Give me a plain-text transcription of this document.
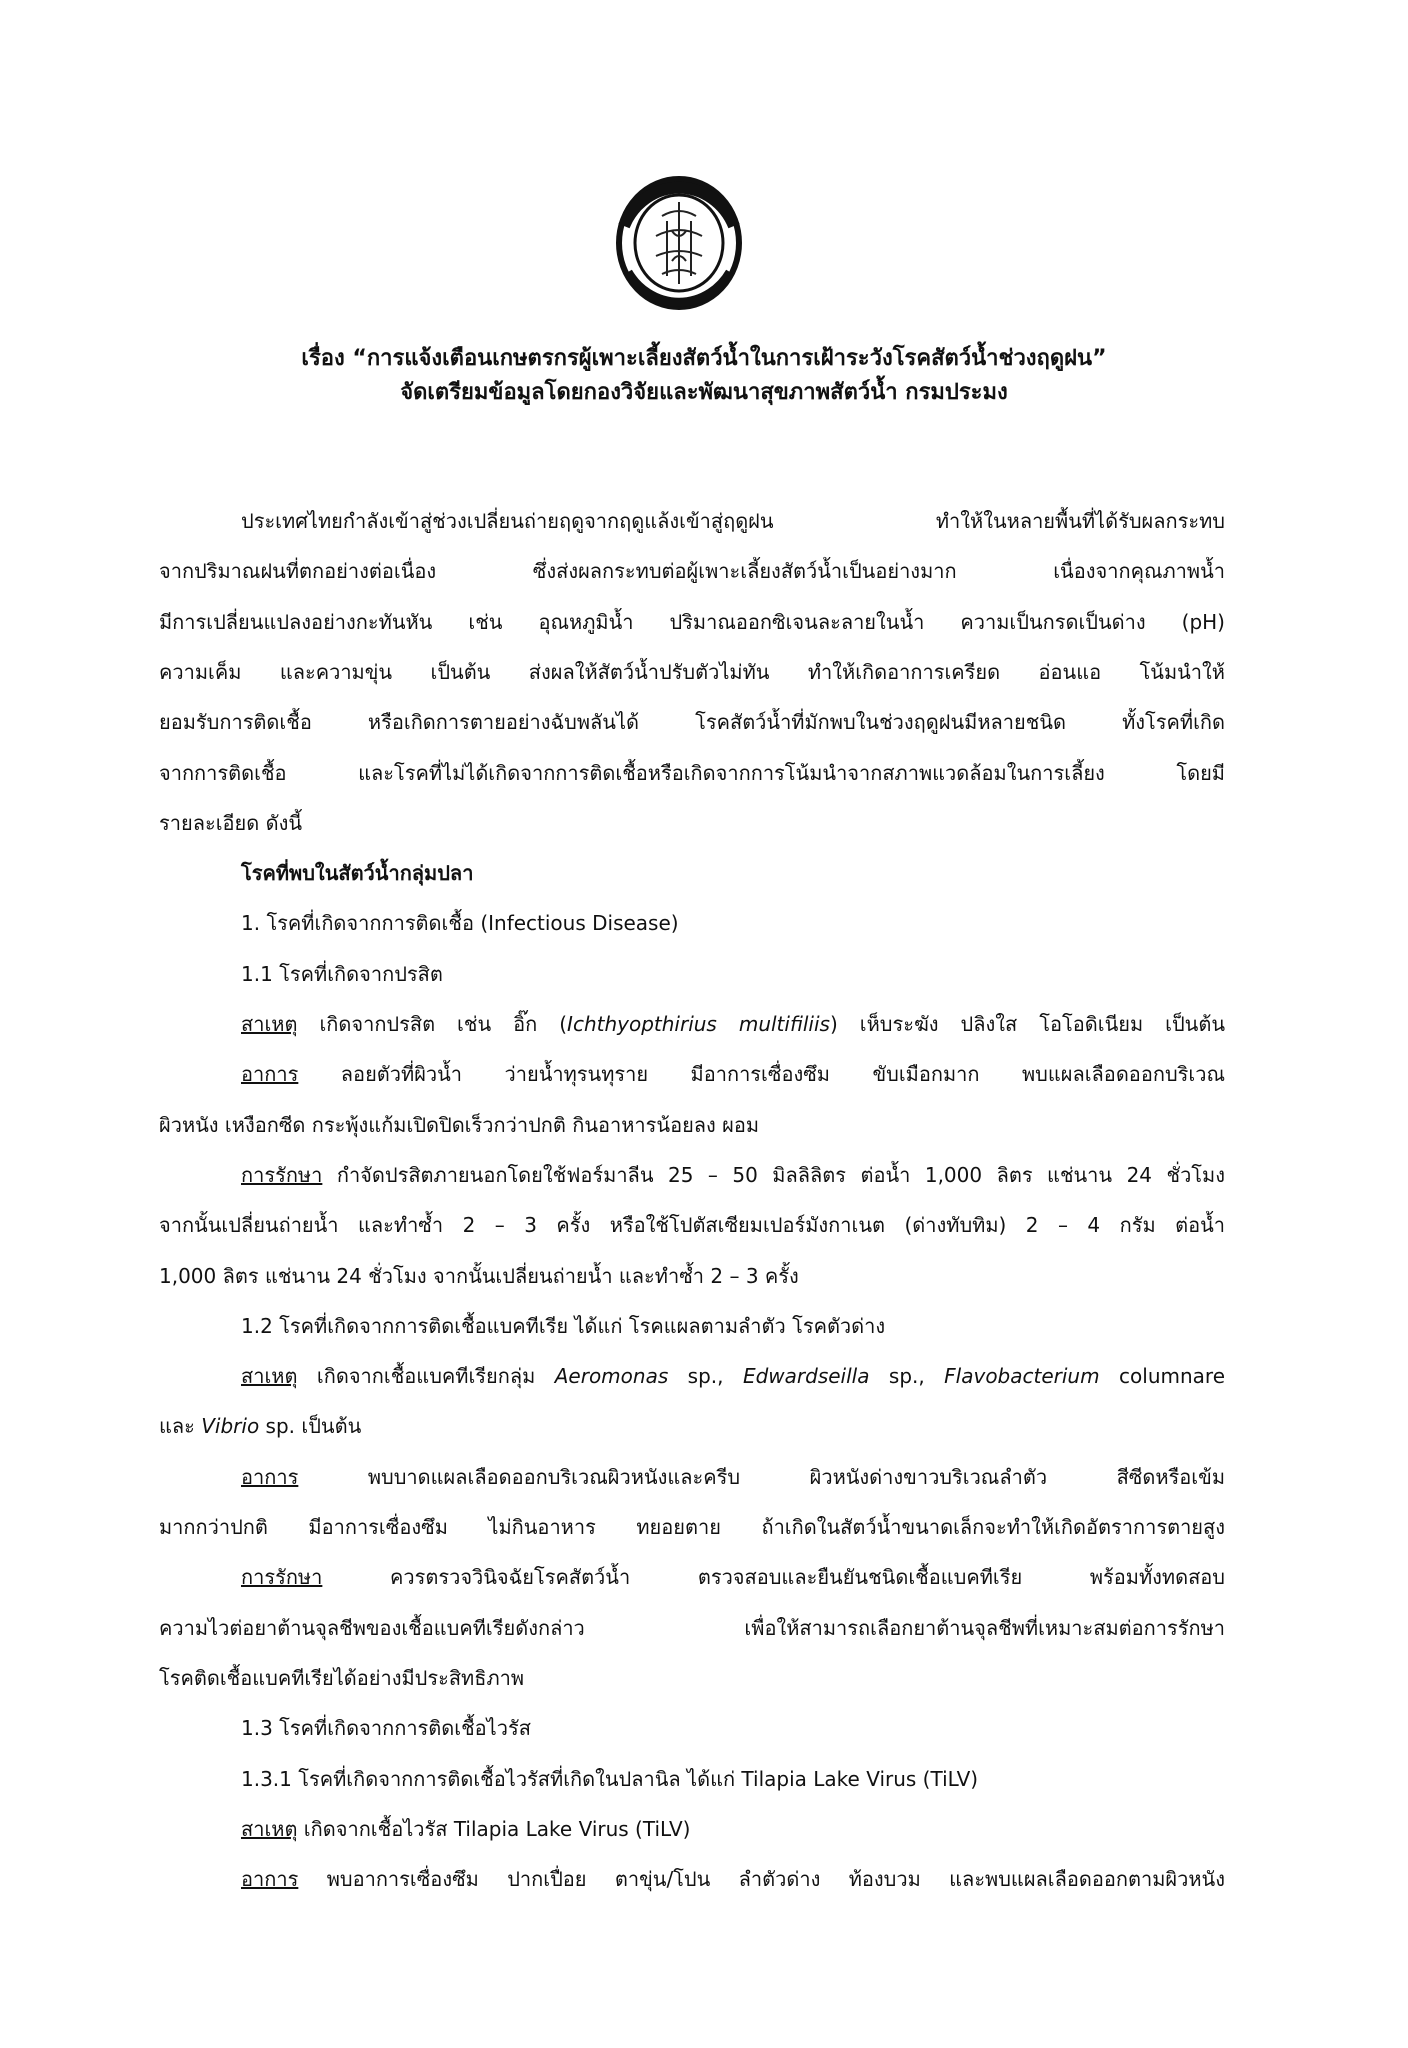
เรื่อง “การแจ้งเตือนเกษตรกรผู้เพาะเลี้ยงสัตว์น้ำในการเฝ้าระวังโรคสัตว์น้ำช่วงฤดูฝน”
จัดเตรียมข้อมูลโดยกองวิจัยและพัฒนาสุขภาพสัตว์น้ำ กรมประมง
ประเทศไทยกำลังเข้าสู่ช่วงเปลี่ยนถ่ายฤดูจากฤดูแล้งเข้าสู่ฤดูฝน ทำให้ในหลายพื้นที่ได้รับผลกระทบ
จากปริมาณฝนที่ตกอย่างต่อเนื่อง ซึ่งส่งผลกระทบต่อผู้เพาะเลี้ยงสัตว์น้ำเป็นอย่างมาก เนื่องจากคุณภาพน้ำ
มีการเปลี่ยนแปลงอย่างกะทันหัน เช่น อุณหภูมิน้ำ ปริมาณออกซิเจนละลายในน้ำ ความเป็นกรดเป็นด่าง (pH)
ความเค็ม และความขุ่น เป็นต้น ส่งผลให้สัตว์น้ำปรับตัวไม่ทัน ทำให้เกิดอาการเครียด อ่อนแอ โน้มนำให้
ยอมรับการติดเชื้อ หรือเกิดการตายอย่างฉับพลันได้ โรคสัตว์น้ำที่มักพบในช่วงฤดูฝนมีหลายชนิด ทั้งโรคที่เกิด
จากการติดเชื้อ และโรคที่ไม่ได้เกิดจากการติดเชื้อหรือเกิดจากการโน้มนำจากสภาพแวดล้อมในการเลี้ยง โดยมี
รายละเอียด ดังนี้
โรคที่พบในสัตว์น้ำกลุ่มปลา
1. โรคที่เกิดจากการติดเชื้อ (Infectious Disease)
1.1 โรคที่เกิดจากปรสิต
สาเหตุ เกิดจากปรสิต เช่น อิ๊ก (Ichthyopthirius multifiliis) เห็บระฆัง ปลิงใส โอโอดิเนียม เป็นต้น
อาการ ลอยตัวที่ผิวน้ำ ว่ายน้ำทุรนทุราย มีอาการเซื่องซึม ขับเมือกมาก พบแผลเลือดออกบริเวณ
ผิวหนัง เหงือกซีด กระพุ้งแก้มเปิดปิดเร็วกว่าปกติ กินอาหารน้อยลง ผอม
การรักษา กำจัดปรสิตภายนอกโดยใช้ฟอร์มาลีน 25 – 50 มิลลิลิตร ต่อน้ำ 1,000 ลิตร แช่นาน 24 ชั่วโมง
จากนั้นเปลี่ยนถ่ายน้ำ และทำซ้ำ 2 – 3 ครั้ง หรือใช้โปตัสเซียมเปอร์มังกาเนต (ด่างทับทิม) 2 – 4 กรัม ต่อน้ำ
1,000 ลิตร แช่นาน 24 ชั่วโมง จากนั้นเปลี่ยนถ่ายน้ำ และทำซ้ำ 2 – 3 ครั้ง
1.2 โรคที่เกิดจากการติดเชื้อแบคทีเรีย ได้แก่ โรคแผลตามลำตัว โรคตัวด่าง
สาเหตุ เกิดจากเชื้อแบคทีเรียกลุ่ม Aeromonas sp., Edwardseilla sp., Flavobacterium columnare
และ Vibrio sp. เป็นต้น
อาการ พบบาดแผลเลือดออกบริเวณผิวหนังและครีบ ผิวหนังด่างขาวบริเวณลำตัว สีซีดหรือเข้ม
มากกว่าปกติ มีอาการเซื่องซึม ไม่กินอาหาร ทยอยตาย ถ้าเกิดในสัตว์น้ำขนาดเล็กจะทำให้เกิดอัตราการตายสูง
การรักษา ควรตรวจวินิจฉัยโรคสัตว์น้ำ ตรวจสอบและยืนยันชนิดเชื้อแบคทีเรีย พร้อมทั้งทดสอบ
ความไวต่อยาต้านจุลชีพของเชื้อแบคทีเรียดังกล่าว เพื่อให้สามารถเลือกยาต้านจุลชีพที่เหมาะสมต่อการรักษา
โรคติดเชื้อแบคทีเรียได้อย่างมีประสิทธิภาพ
1.3 โรคที่เกิดจากการติดเชื้อไวรัส
1.3.1 โรคที่เกิดจากการติดเชื้อไวรัสที่เกิดในปลานิล ได้แก่ Tilapia Lake Virus (TiLV)
สาเหตุ เกิดจากเชื้อไวรัส Tilapia Lake Virus (TiLV)
อาการ พบอาการเซื่องซึม ปากเปื่อย ตาขุ่น/โปน ลำตัวด่าง ท้องบวม และพบแผลเลือดออกตามผิวหนัง
